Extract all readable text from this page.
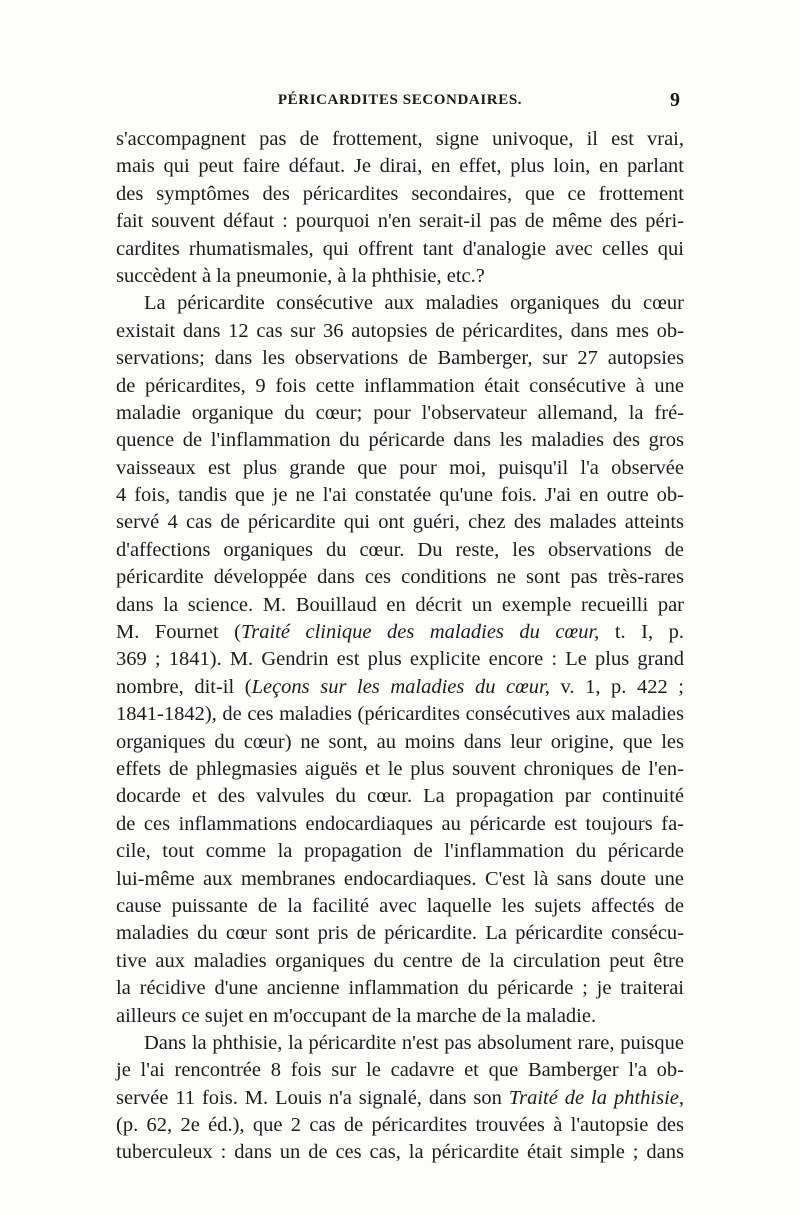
PÉRICARDITES SECONDAIRES.	9
s'accompagnent pas de frottement, signe univoque, il est vrai,
mais qui peut faire défaut. Je dirai, en effet, plus loin, en parlant
des symptômes des péricardites secondaires, que ce frottement
fait souvent défaut : pourquoi n'en serait-il pas de même des péri-
cardites rhumatismales, qui offrent tant d'analogie avec celles qui
succèdent à la pneumonie, à la phthisie, etc.?
La péricardite consécutive aux maladies organiques du cœur
existait dans 12 cas sur 36 autopsies de péricardites, dans mes ob-
servations; dans les observations de Bamberger, sur 27 autopsies
de péricardites, 9 fois cette inflammation était consécutive à une
maladie organique du cœur; pour l'observateur allemand, la fré-
quence de l'inflammation du péricarde dans les maladies des gros
vaisseaux est plus grande que pour moi, puisqu'il l'a observée
4 fois, tandis que je ne l'ai constatée qu'une fois. J'ai en outre ob-
servé 4 cas de péricardite qui ont guéri, chez des malades atteints
d'affections organiques du cœur. Du reste, les observations de
péricardite développée dans ces conditions ne sont pas très-rares
dans la science. M. Bouillaud en décrit un exemple recueilli par
M. Fournet (Traité clinique des maladies du cœur, t. I, p.
369 ; 1841). M. Gendrin est plus explicite encore : Le plus grand
nombre, dit-il (Leçons sur les maladies du cœur, v. 1, p. 422 ;
1841-1842), de ces maladies (péricardites consécutives aux maladies
organiques du cœur) ne sont, au moins dans leur origine, que les
effets de phlegmasies aiguës et le plus souvent chroniques de l'en-
docarde et des valvules du cœur. La propagation par continuité
de ces inflammations endocardiaques au péricarde est toujours fa-
cile, tout comme la propagation de l'inflammation du péricarde
lui-même aux membranes endocardiaques. C'est là sans doute une
cause puissante de la facilité avec laquelle les sujets affectés de
maladies du cœur sont pris de péricardite. La péricardite consécu-
tive aux maladies organiques du centre de la circulation peut être
la récidive d'une ancienne inflammation du péricarde ; je traiterai
ailleurs ce sujet en m'occupant de la marche de la maladie.
Dans la phthisie, la péricardite n'est pas absolument rare, puisque
je l'ai rencontrée 8 fois sur le cadavre et que Bamberger l'a ob-
servée 11 fois. M. Louis n'a signalé, dans son Traité de la phthisie,
(p. 62, 2e éd.), que 2 cas de péricardites trouvées à l'autopsie des
tuberculeux : dans un de ces cas, la péricardite était simple ; dans
